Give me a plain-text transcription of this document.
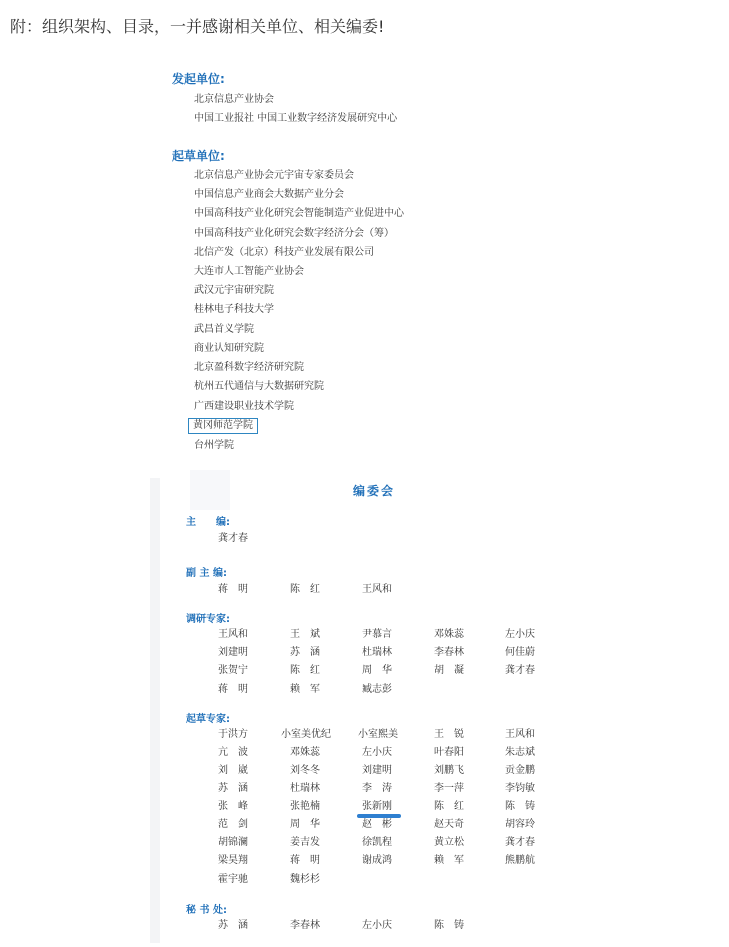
附：组织架构、目录，一并感谢相关单位、相关编委!
发起单位:
北京信息产业协会
中国工业报社 中国工业数字经济发展研究中心
起草单位:
北京信息产业协会元宇宙专家委员会
中国信息产业商会大数据产业分会
中国高科技产业化研究会智能制造产业促进中心
中国高科技产业化研究会数字经济分会（筹）
北信产发（北京）科技产业发展有限公司
大连市人工智能产业协会
武汉元宇宙研究院
桂林电子科技大学
武昌首义学院
商业认知研究院
北京盈科数字经济研究院
杭州五代通信与大数据研究院
广西建设职业技术学院
黄冈师范学院
台州学院
编委会
主　　编:
龚才春
副 主 编:
蒋　明	陈　红	王风和
调研专家:
王风和	王　斌	尹慕言	邓姝蕊	左小庆
刘建明	苏　涵	杜瑞林	李春林	何佳蔚
张贺宁	陈　红	周　华	胡　凝	龚才春
蒋　明	赖　军	臧志彭
起草专家:
于洪方	小室美优纪	小室熙美	王　锐	王风和
亢　波	邓姝蕊	左小庆	叶春阳	朱志斌
刘　崴	刘冬冬	刘建明	刘鹏飞	贡金鹏
苏　涵	杜瑞林	李　涛	李一萍	李钧敏
张　峰	张艳楠	张新刚	陈　红	陈　铸
范　剑	周　华	赵　彬	赵天奇	胡容玲
胡锦澜	姜吉发	徐凯程	黄立松	龚才春
梁昊翔	蒋　明	谢成鸿	赖　军	熊鹏航
霍宇驰	魏杉杉
秘 书 处:
苏　涵	李春林	左小庆	陈　铸
